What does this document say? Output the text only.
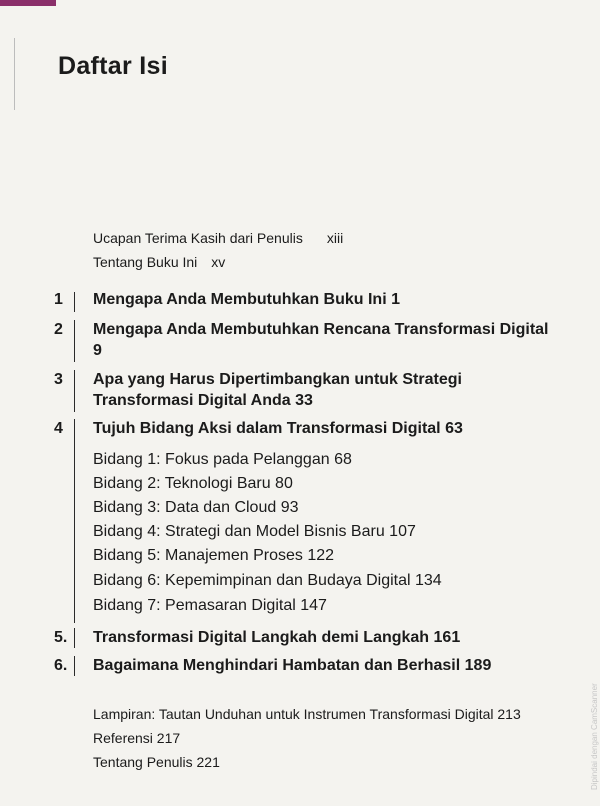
Daftar Isi
Ucapan Terima Kasih dari Penulis xiii
Tentang Buku Ini xv
1 Mengapa Anda Membutuhkan Buku Ini 1
2 Mengapa Anda Membutuhkan Rencana Transformasi Digital 9
3 Apa yang Harus Dipertimbangkan untuk Strategi Transformasi Digital Anda 33
4 Tujuh Bidang Aksi dalam Transformasi Digital 63
Bidang 1: Fokus pada Pelanggan 68
Bidang 2: Teknologi Baru 80
Bidang 3: Data dan Cloud 93
Bidang 4: Strategi dan Model Bisnis Baru 107
Bidang 5: Manajemen Proses 122
Bidang 6: Kepemimpinan dan Budaya Digital 134
Bidang 7: Pemasaran Digital 147
5. Transformasi Digital Langkah demi Langkah 161
6. Bagaimana Menghindari Hambatan dan Berhasil 189
Lampiran: Tautan Unduhan untuk Instrumen Transformasi Digital 213
Referensi 217
Tentang Penulis 221	Dipindai dengan CamScanner
